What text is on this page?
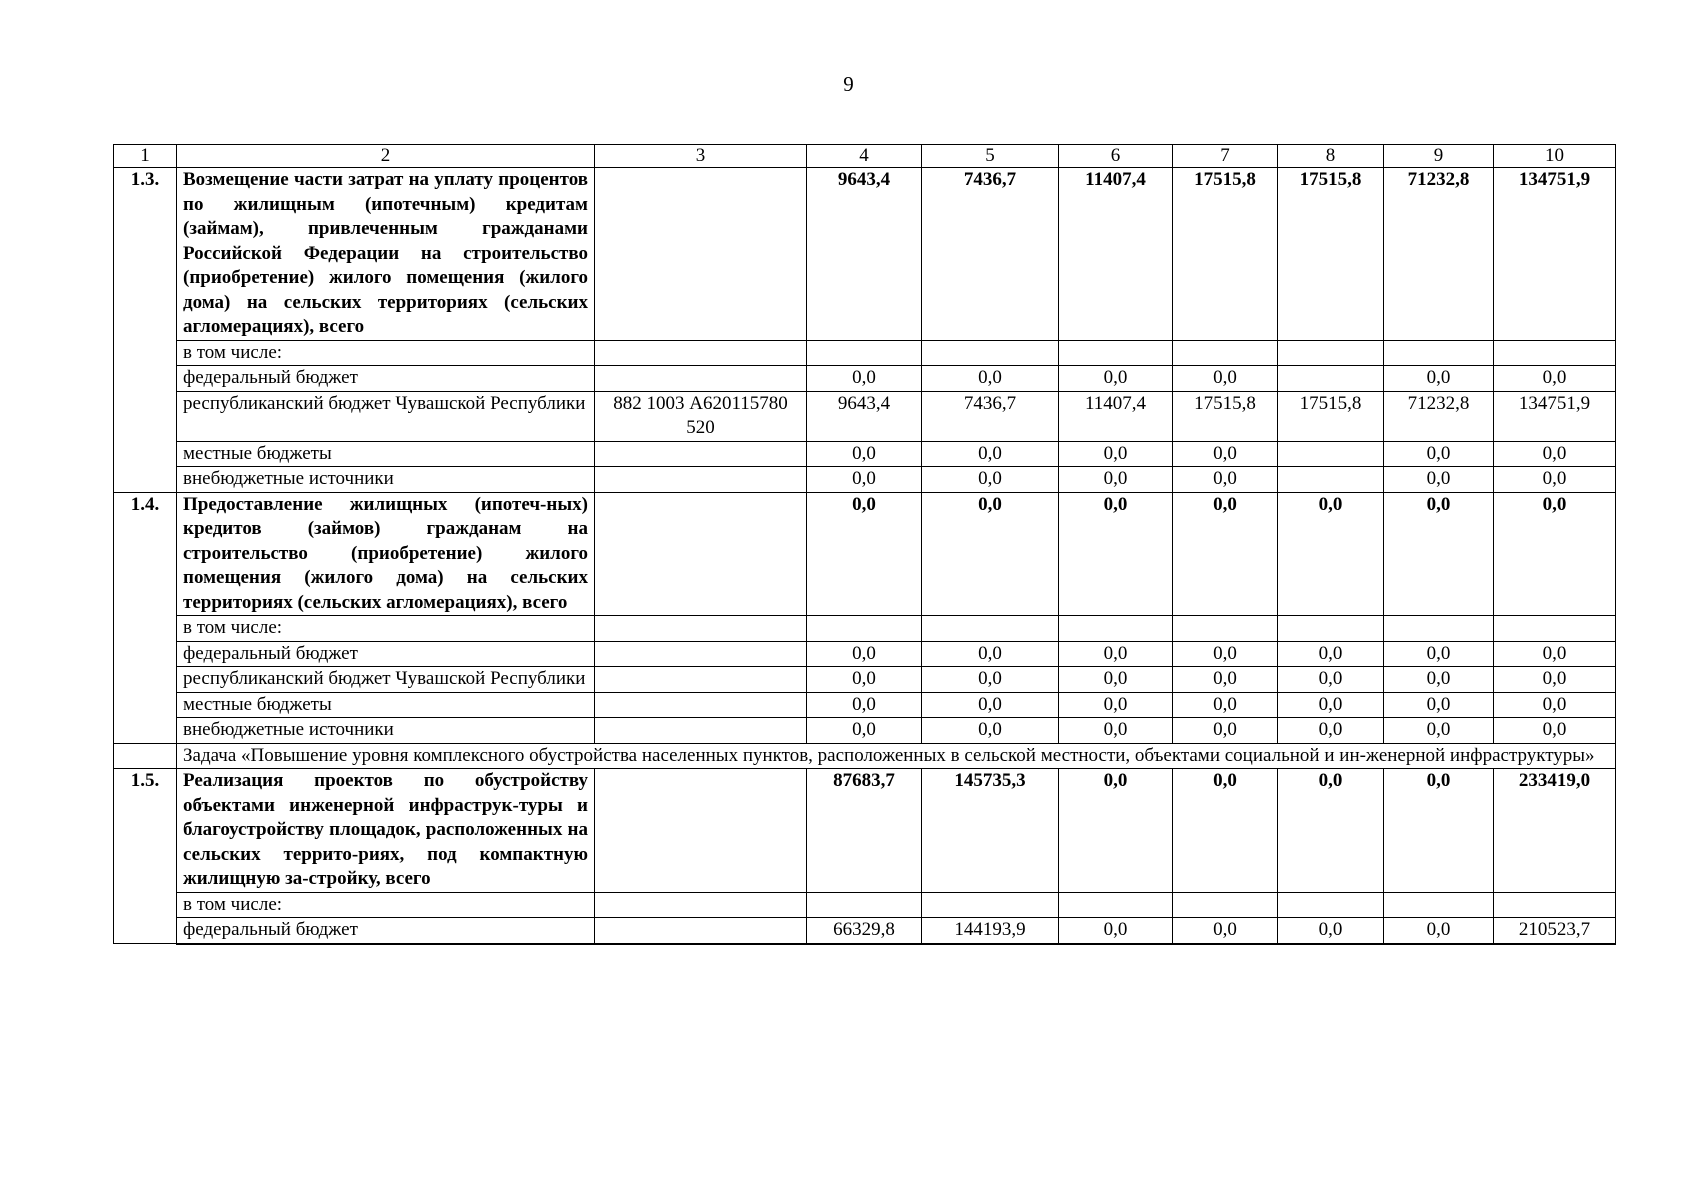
9
1	2	3	4	5	6	7	8	9	10
1.3.	Возмещение части затрат на уплату процентов по жилищным (ипотечным) кредитам (займам), привлеченным гражданами Российской Федерации на строительство (приобретение) жилого помещения (жилого дома) на сельских территориях (сельских агломерациях), всего		9643,4	7436,7	11407,4	17515,8	17515,8	71232,8	134751,9
	в том числе:								
	федеральный бюджет		0,0	0,0	0,0	0,0		0,0	0,0
	республиканский бюджет Чувашской Республики	882 1003 А620115780 520	9643,4	7436,7	11407,4	17515,8	17515,8	71232,8	134751,9
	местные бюджеты		0,0	0,0	0,0	0,0		0,0	0,0
	внебюджетные источники		0,0	0,0	0,0	0,0		0,0	0,0
1.4.	Предоставление жилищных (ипотеч-ных) кредитов (займов) гражданам на строительство (приобретение) жилого помещения (жилого дома) на сельских территориях (сельских агломерациях), всего		0,0	0,0	0,0	0,0	0,0	0,0	0,0
	в том числе:								
	федеральный бюджет		0,0	0,0	0,0	0,0	0,0	0,0	0,0
	республиканский бюджет Чувашской Республики		0,0	0,0	0,0	0,0	0,0	0,0	0,0
	местные бюджеты		0,0	0,0	0,0	0,0	0,0	0,0	0,0
	внебюджетные источники		0,0	0,0	0,0	0,0	0,0	0,0	0,0
	Задача «Повышение уровня комплексного обустройства населенных пунктов, расположенных в сельской местности, объектами социальной и ин-женерной инфраструктуры»								
1.5.	Реализация проектов по обустройству объектами инженерной инфраструк-туры и благоустройству площадок, расположенных на сельских террито-риях, под компактную жилищную за-стройку, всего		87683,7	145735,3	0,0	0,0	0,0	0,0	233419,0
	в том числе:								
	федеральный бюджет		66329,8	144193,9	0,0	0,0	0,0	0,0	210523,7
